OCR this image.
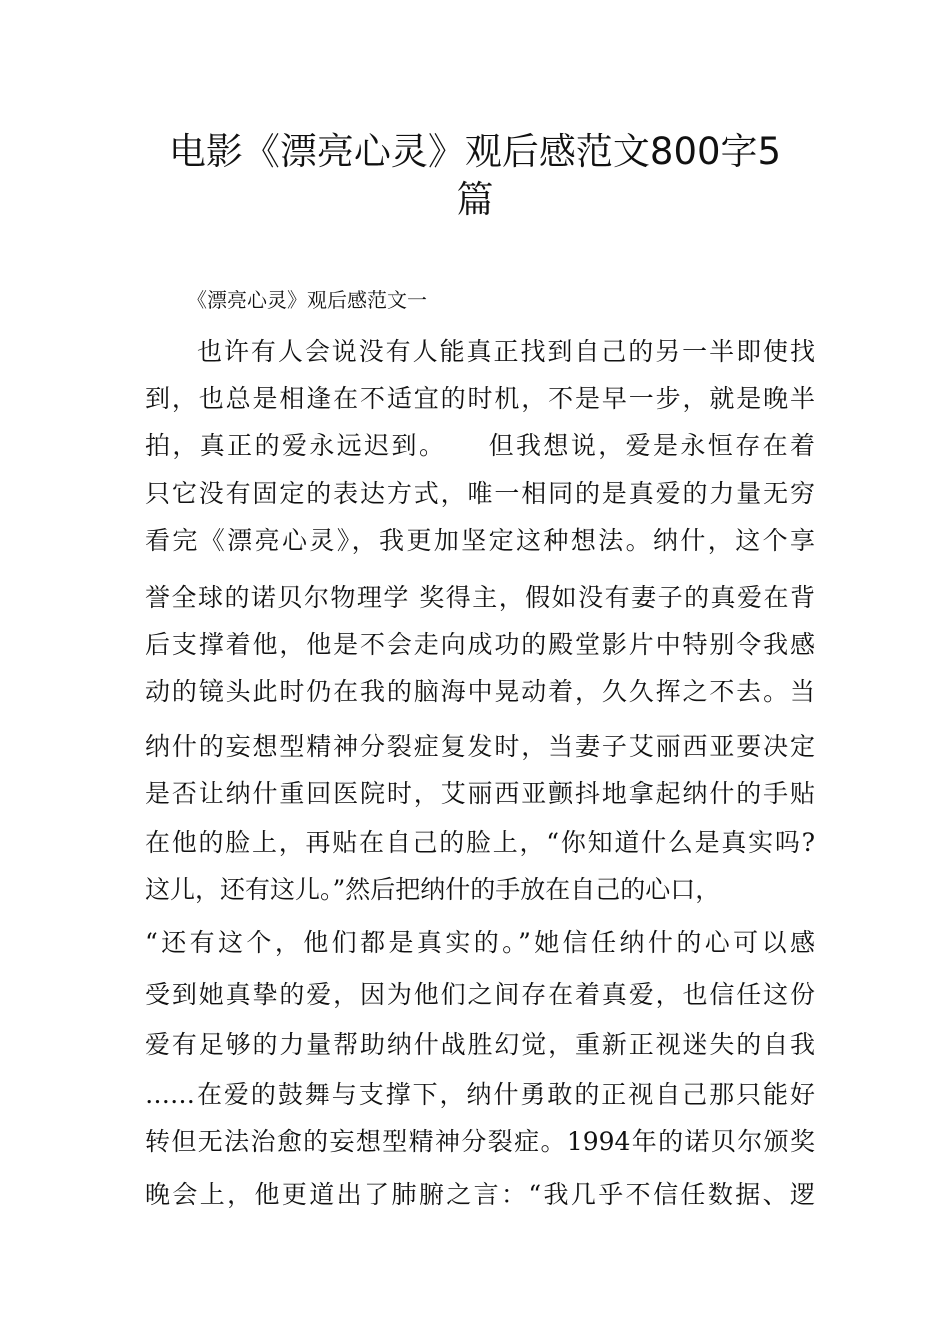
电影《漂亮心灵》观后感范文800字5
篇

《漂亮心灵》观后感范文一

也许有人会说没有人能真正找到自己的另一半即使找

到，也总是相逢在不适宜的时机，不是早一步，就是晚半

拍，真正的爱永远迟到。　　但我想说，爱是永恒存在着

只它没有固定的表达方式，唯一相同的是真爱的力量无穷

看完《漂亮心灵》，我更加坚定这种想法。纳什，这个享

誉全球的诺贝尔物理学 奖得主，假如没有妻子的真爱在背

后支撑着他，他是不会走向成功的殿堂影片中特别令我感

动的镜头此时仍在我的脑海中晃动着，久久挥之不去。当

纳什的妄想型精神分裂症复发时，当妻子艾丽西亚要决定

是否让纳什重回医院时，艾丽西亚颤抖地拿起纳什的手贴

在他的脸上，再贴在自己的脸上，“你知道什么是真实吗?

这儿，还有这儿。”然后把纳什的手放在自己的心口，

“还有这个，他们都是真实的。”她信任纳什的心可以感

受到她真挚的爱，因为他们之间存在着真爱，也信任这份

爱有足够的力量帮助纳什战胜幻觉，重新正视迷失的自我

……在爱的鼓舞与支撑下，纳什勇敢的正视自己那只能好

转但无法治愈的妄想型精神分裂症。1994年的诺贝尔颁奖

晚会上，他更道出了肺腑之言：“我几乎不信任数据、逻
